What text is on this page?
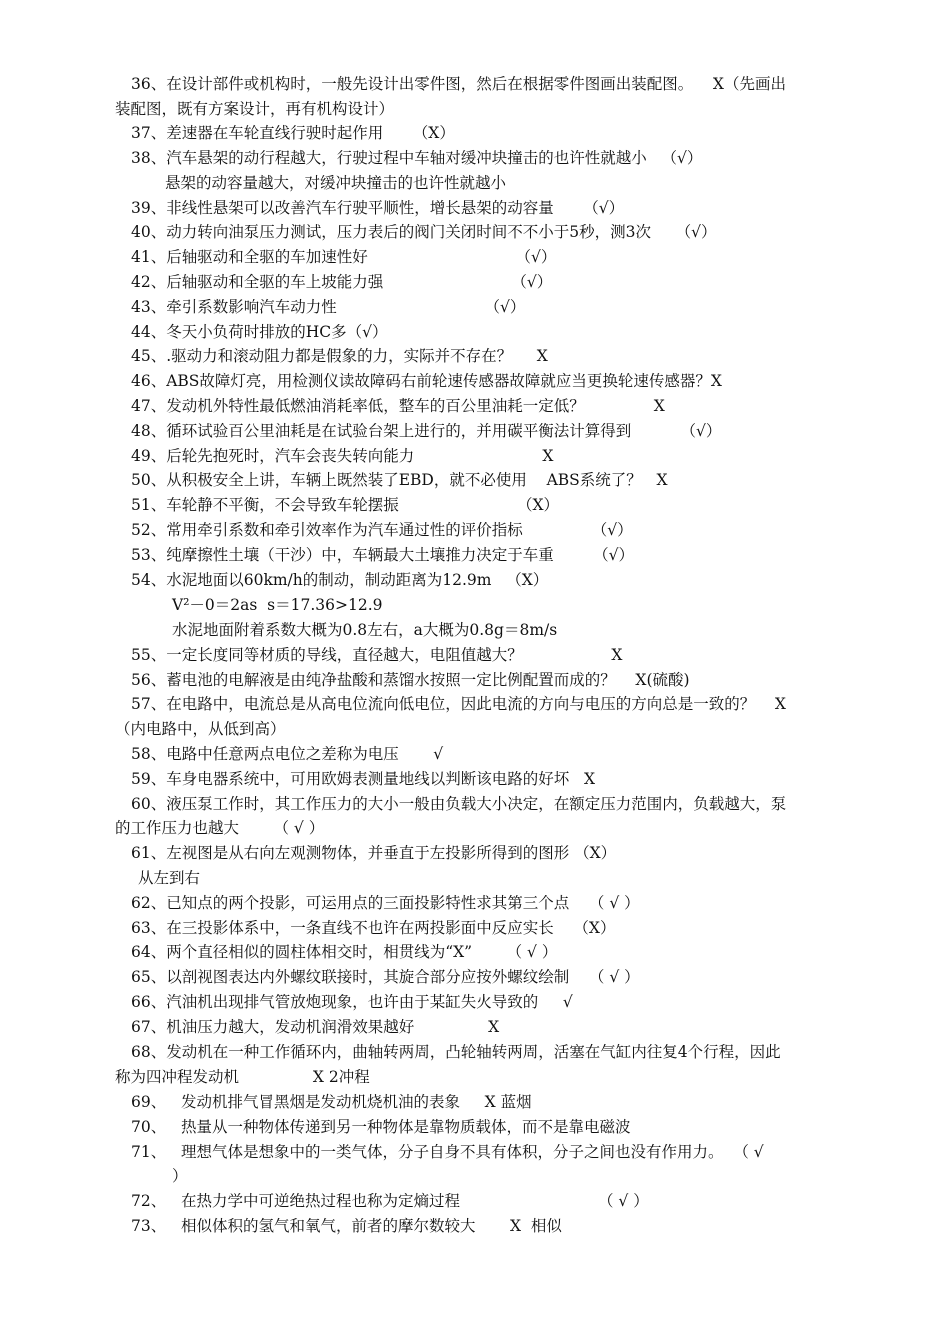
36、在设计部件或机构时，一般先设计出零件图，然后在根据零件图画出装配图。    X（先画出
装配图，既有方案设计，再有机构设计）
37、差速器在车轮直线行驶时起作用      （X）
38、汽车悬架的动行程越大，行驶过程中车轴对缓冲块撞击的也许性就越小   （√）
悬架的动容量越大，对缓冲块撞击的也许性就越小
39、非线性悬架可以改善汽车行驶平顺性，增长悬架的动容量      （√）
40、动力转向油泵压力测试，压力表后的阀门关闭时间不不小于5秒，测3次     （√）
41、后轴驱动和全驱的车加速性好                              （√）
42、后轴驱动和全驱的车上坡能力强                          （√）
43、牵引系数影响汽车动力性                              （√）
44、冬天小负荷时排放的HC多（√）
45、.驱动力和滚动阻力都是假象的力，实际并不存在？     X
46、ABS故障灯亮，用检测仪读故障码右前轮速传感器故障就应当更换轮速传感器？X
47、发动机外特性最低燃油消耗率低，整车的百公里油耗一定低？              X
48、循环试验百公里油耗是在试验台架上进行的，并用碳平衡法计算得到          （√）
49、后轮先抱死时，汽车会丧失转向能力                          X
50、从积极安全上讲，车辆上既然装了EBD，就不必使用    ABS系统了？   X
51、车轮静不平衡，不会导致车轮摆振                        （X）
52、常用牵引系数和牵引效率作为汽车通过性的评价指标              （√）
53、纯摩擦性土壤（干沙）中，车辆最大土壤推力决定于车重        （√）
54、水泥地面以60km/h的制动，制动距离为12.9m   （X）
V²－0＝2as  s＝17.36>12.9
水泥地面附着系数大概为0.8左右，a大概为0.8g＝8m/s
55、一定长度同等材质的导线，直径越大，电阻值越大？                  X
56、蓄电池的电解液是由纯净盐酸和蒸馏水按照一定比例配置而成的？    X(硫酸)
57、在电路中，电流总是从高电位流向低电位，因此电流的方向与电压的方向总是一致的？    X
（内电路中，从低到高）
58、电路中任意两点电位之差称为电压       √
59、车身电器系统中，可用欧姆表测量地线以判断该电路的好坏   X
60、液压泵工作时，其工作压力的大小一般由负载大小决定，在额定压力范围内，负载越大，泵
的工作压力也越大       （ √ ）
61、左视图是从右向左观测物体，并垂直于左投影所得到的图形 （X）
从左到右
62、已知点的两个投影，可运用点的三面投影特性求其第三个点    （ √ ）
63、在三投影体系中，一条直线不也许在两投影面中反应实长    （X）
64、两个直径相似的圆柱体相交时，相贯线为“X”       （ √ ）
65、以剖视图表达内外螺纹联接时，其旋合部分应按外螺纹绘制    （ √ ）
66、汽油机出现排气管放炮现象，也许由于某缸失火导致的     √
67、机油压力越大，发动机润滑效果越好               X
68、发动机在一种工作循环内，曲轴转两周，凸轮轴转两周，活塞在气缸内往复4个行程，因此
称为四冲程发动机               X 2冲程
69、   发动机排气冒黑烟是发动机烧机油的表象     X 蓝烟
70、   热量从一种物体传递到另一种物体是靠物质载体，而不是靠电磁波
71、   理想气体是想象中的一类气体，分子自身不具有体积，分子之间也没有作用力。  （ √
）
72、   在热力学中可逆绝热过程也称为定熵过程                            （ √ ）
73、   相似体积的氢气和氧气，前者的摩尔数较大       X  相似
